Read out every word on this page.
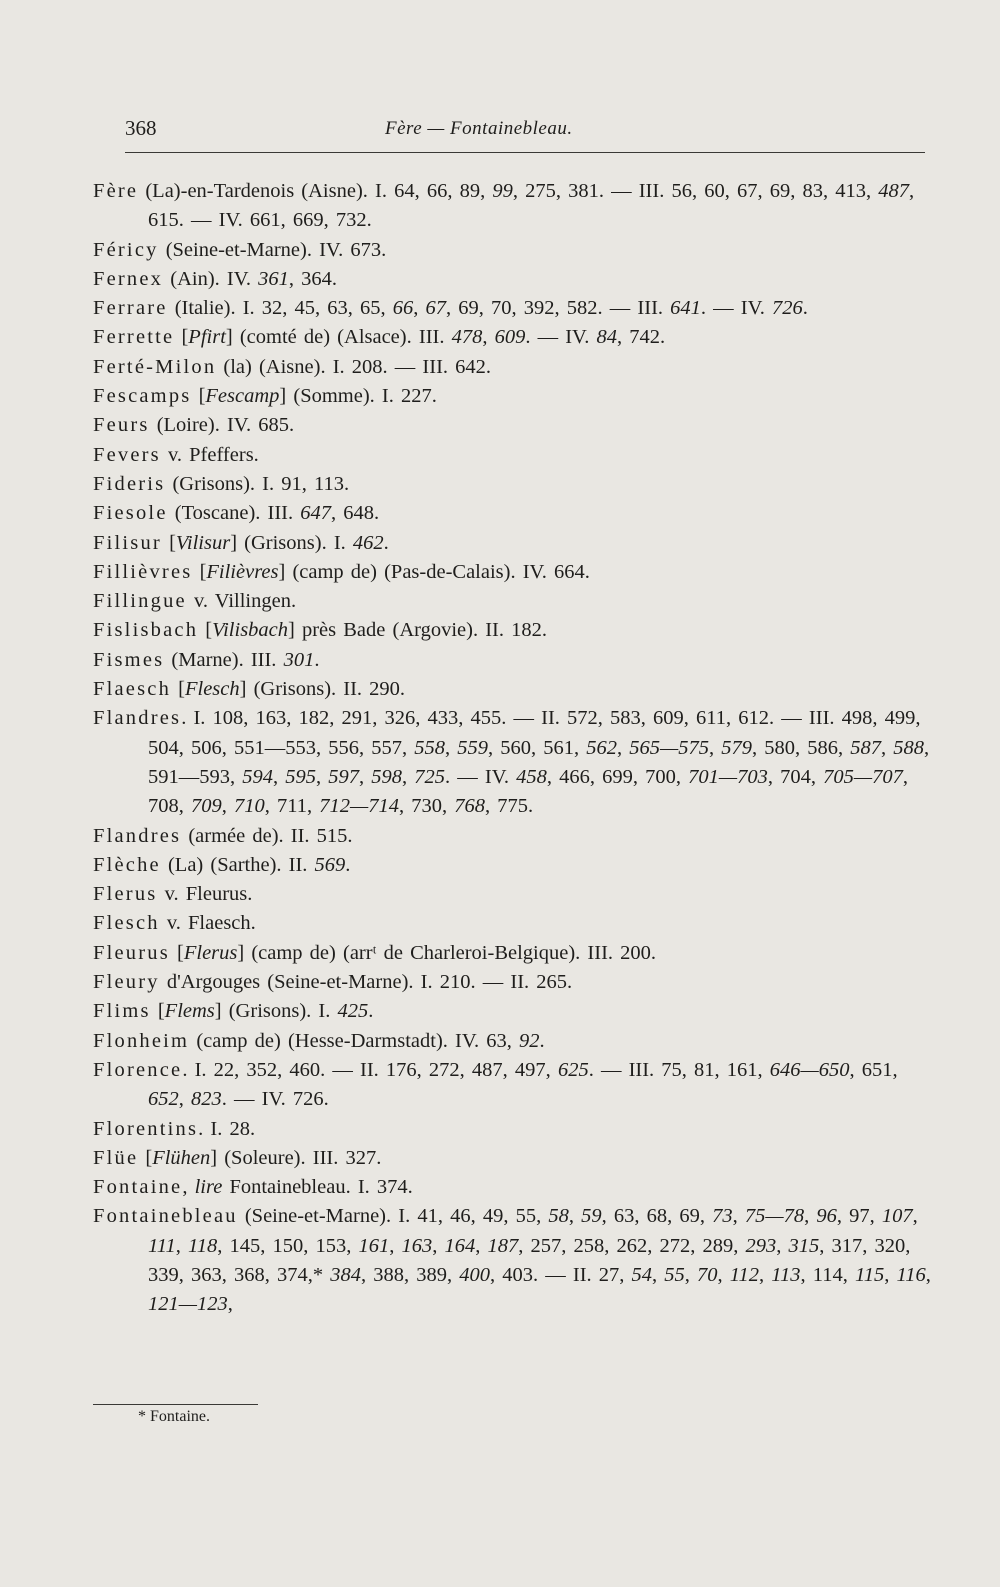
368	Fère — Fontainebleau.
Fère (La)-en-Tardenois (Aisne). I. 64, 66, 89, 99, 275, 381. — III. 56, 60, 67, 69, 83, 413, 487, 615. — IV. 661, 669, 732.
Féricy (Seine-et-Marne). IV. 673.
Fernex (Ain). IV. 361, 364.
Ferrare (Italie). I. 32, 45, 63, 65, 66, 67, 69, 70, 392, 582. — III. 641. — IV. 726.
Ferrette [Pfirt] (comté de) (Alsace). III. 478, 609. — IV. 84, 742.
Ferté-Milon (la) (Aisne). I. 208. — III. 642.
Fescamps [Fescamp] (Somme). I. 227.
Feurs (Loire). IV. 685.
Fevers v. Pfeffers.
Fideris (Grisons). I. 91, 113.
Fiesole (Toscane). III. 647, 648.
Filisur [Vilisur] (Grisons). I. 462.
Fillièvres [Filièvres] (camp de) (Pas-de-Calais). IV. 664.
Fillingue v. Villingen.
Fislisbach [Vilisbach] près Bade (Argovie). II. 182.
Fismes (Marne). III. 301.
Flaesch [Flesch] (Grisons). II. 290.
Flandres. I. 108, 163, 182, 291, 326, 433, 455. — II. 572, 583, 609, 611, 612. — III. 498, 499, 504, 506, 551—553, 556, 557, 558, 559, 560, 561, 562, 565—575, 579, 580, 586, 587, 588, 591—593, 594, 595, 597, 598, 725. — IV. 458, 466, 699, 700, 701—703, 704, 705—707, 708, 709, 710, 711, 712—714, 730, 768, 775.
Flandres (armée de). II. 515.
Flèche (La) (Sarthe). II. 569.
Flerus v. Fleurus.
Flesch v. Flaesch.
Fleurus [Flerus] (camp de) (arrᵗ de Charleroi-Belgique). III. 200.
Fleury d'Argouges (Seine-et-Marne). I. 210. — II. 265.
Flims [Flems] (Grisons). I. 425.
Flonheim (camp de) (Hesse-Darmstadt). IV. 63, 92.
Florence. I. 22, 352, 460. — II. 176, 272, 487, 497, 625. — III. 75, 81, 161, 646—650, 651, 652, 823. — IV. 726.
Florentins. I. 28.
Flüe [Flühen] (Soleure). III. 327.
Fontaine, lire Fontainebleau. I. 374.
Fontainebleau (Seine-et-Marne). I. 41, 46, 49, 55, 58, 59, 63, 68, 69, 73, 75—78, 96, 97, 107, 111, 118, 145, 150, 153, 161, 163, 164, 187, 257, 258, 262, 272, 289, 293, 315, 317, 320, 339, 363, 368, 374,* 384, 388, 389, 400, 403. — II. 27, 54, 55, 70, 112, 113, 114, 115, 116, 121—123,
* Fontaine.
